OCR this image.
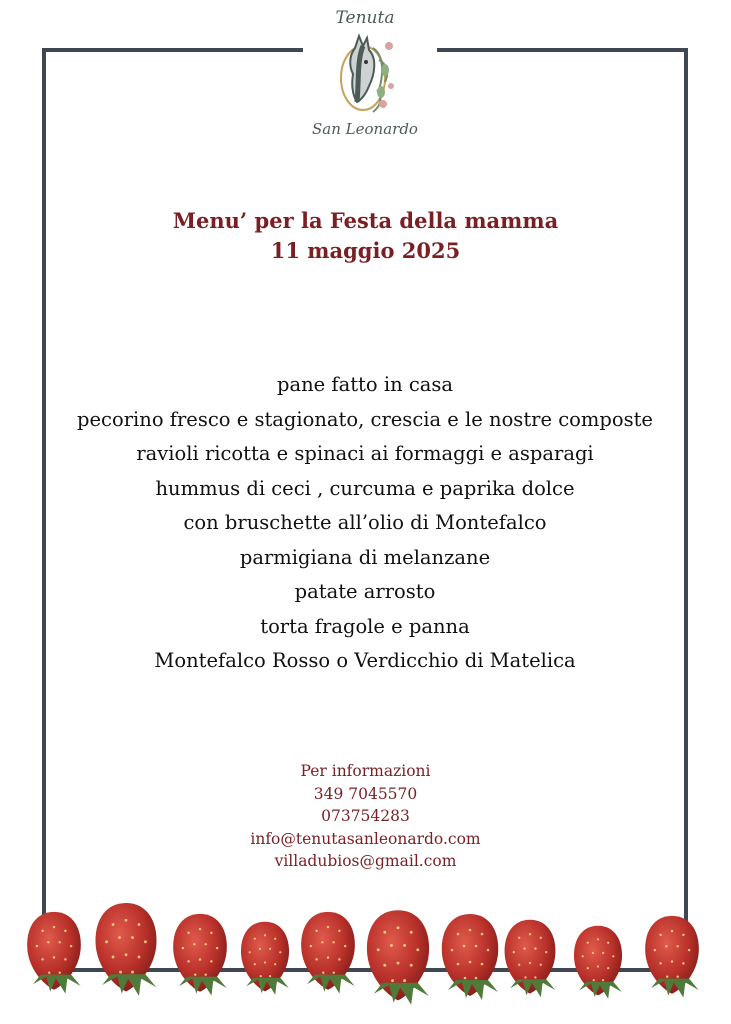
Tenuta
San Leonardo
Menu’ per la Festa della mamma
11 maggio 2025
pane fatto in casa
pecorino fresco e stagionato, crescia e le nostre composte
ravioli ricotta e spinaci ai formaggi e asparagi
hummus di ceci , curcuma e paprika dolce
con bruschette all’olio di Montefalco
parmigiana di melanzane
patate arrosto
torta fragole e panna
Montefalco Rosso o Verdicchio di Matelica
Per informazioni
349 7045570
073754283
info@tenutasanleonardo.com
villadubios@gmail.com
